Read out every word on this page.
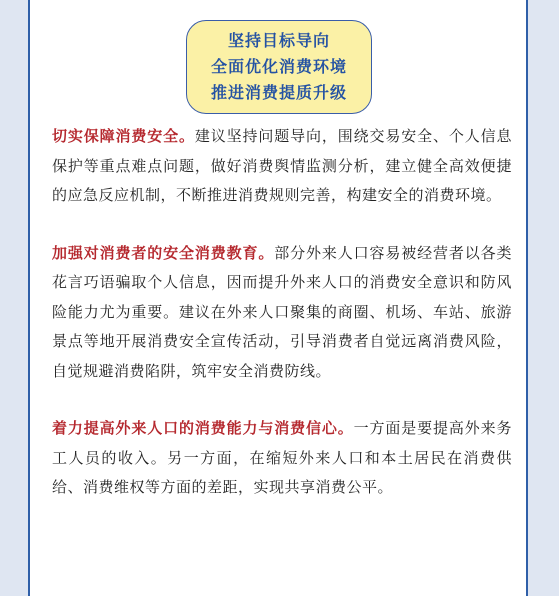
坚持目标导向
全面优化消费环境
推进消费提质升级

切实保障消费安全。建议坚持问题导向，围绕交易安全、个人信息保护等重点难点问题，做好消费舆情监测分析，建立健全高效便捷的应急反应机制，不断推进消费规则完善，构建安全的消费环境。

加强对消费者的安全消费教育。部分外来人口容易被经营者以各类花言巧语骗取个人信息，因而提升外来人口的消费安全意识和防风险能力尤为重要。建议在外来人口聚集的商圈、机场、车站、旅游景点等地开展消费安全宣传活动，引导消费者自觉远离消费风险，自觉规避消费陷阱，筑牢安全消费防线。

着力提高外来人口的消费能力与消费信心。一方面是要提高外来务工人员的收入。另一方面，在缩短外来人口和本土居民在消费供给、消费维权等方面的差距，实现共享消费公平。
